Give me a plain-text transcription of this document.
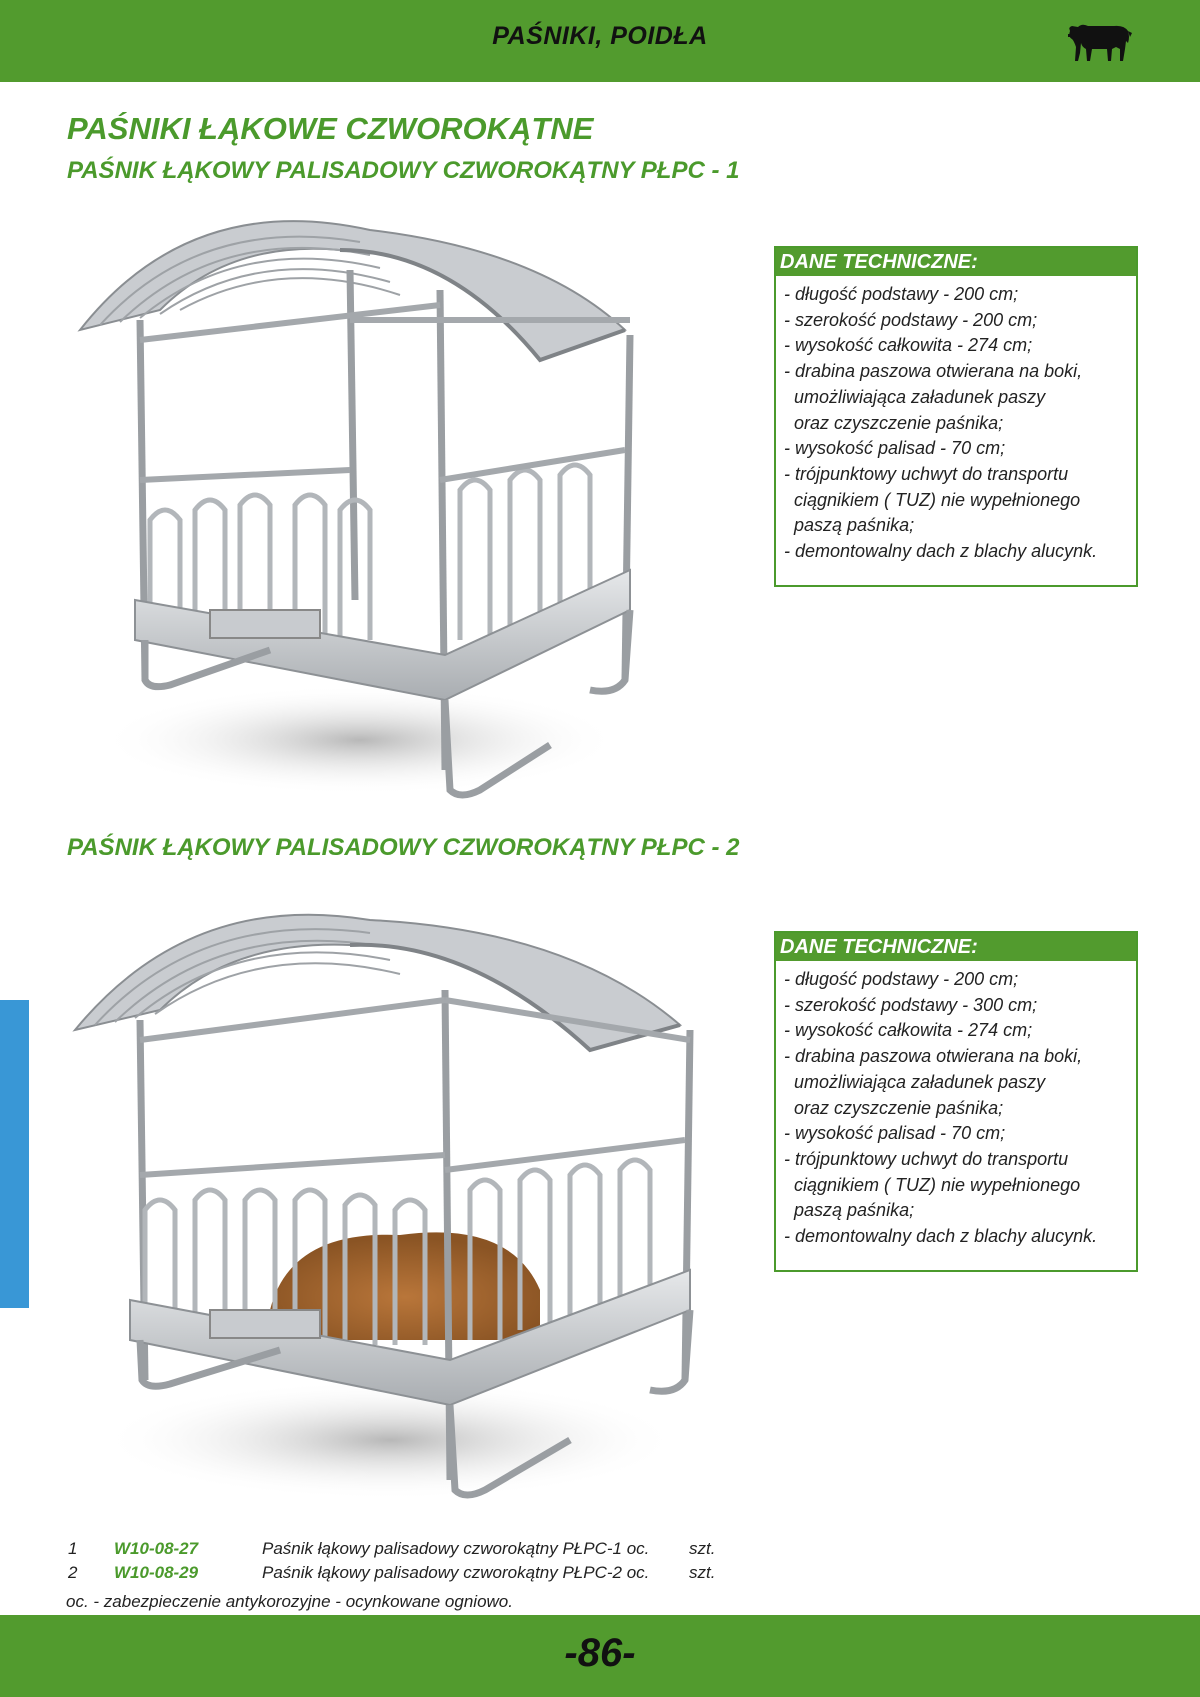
PAŚNIKI, POIDŁA
PAŚNIKI ŁĄKOWE CZWOROKĄTNE
PAŚNIK ŁĄKOWY PALISADOWY CZWOROKĄTNY PŁPC - 1
PAŚNIK ŁĄKOWY PALISADOWY CZWOROKĄTNY PŁPC - 2
DANE TECHNICZNE:
- długość podstawy - 200 cm;
- szerokość podstawy - 200 cm;
- wysokość całkowita - 274 cm;
- drabina paszowa otwierana na boki,
umożliwiająca załadunek paszy
oraz czyszczenie paśnika;
- wysokość palisad - 70 cm;
- trójpunktowy uchwyt do transportu
ciągnikiem ( TUZ) nie wypełnionego
paszą paśnika;
- demontowalny dach z blachy alucynk.
DANE TECHNICZNE:
- długość podstawy - 200 cm;
- szerokość podstawy - 300 cm;
- wysokość całkowita - 274 cm;
- drabina paszowa otwierana na boki,
umożliwiająca załadunek paszy
oraz czyszczenie paśnika;
- wysokość palisad - 70 cm;
- trójpunktowy uchwyt do transportu
ciągnikiem ( TUZ) nie wypełnionego
paszą paśnika;
- demontowalny dach z blachy alucynk.
1 W10-08-27	Paśnik łąkowy palisadowy czworokątny PŁPC-1 oc. szt.
2 W10-08-29	Paśnik łąkowy palisadowy czworokątny PŁPC-2 oc. szt.
oc. - zabezpieczenie antykorozyjne - ocynkowane ogniowo.
-86-
